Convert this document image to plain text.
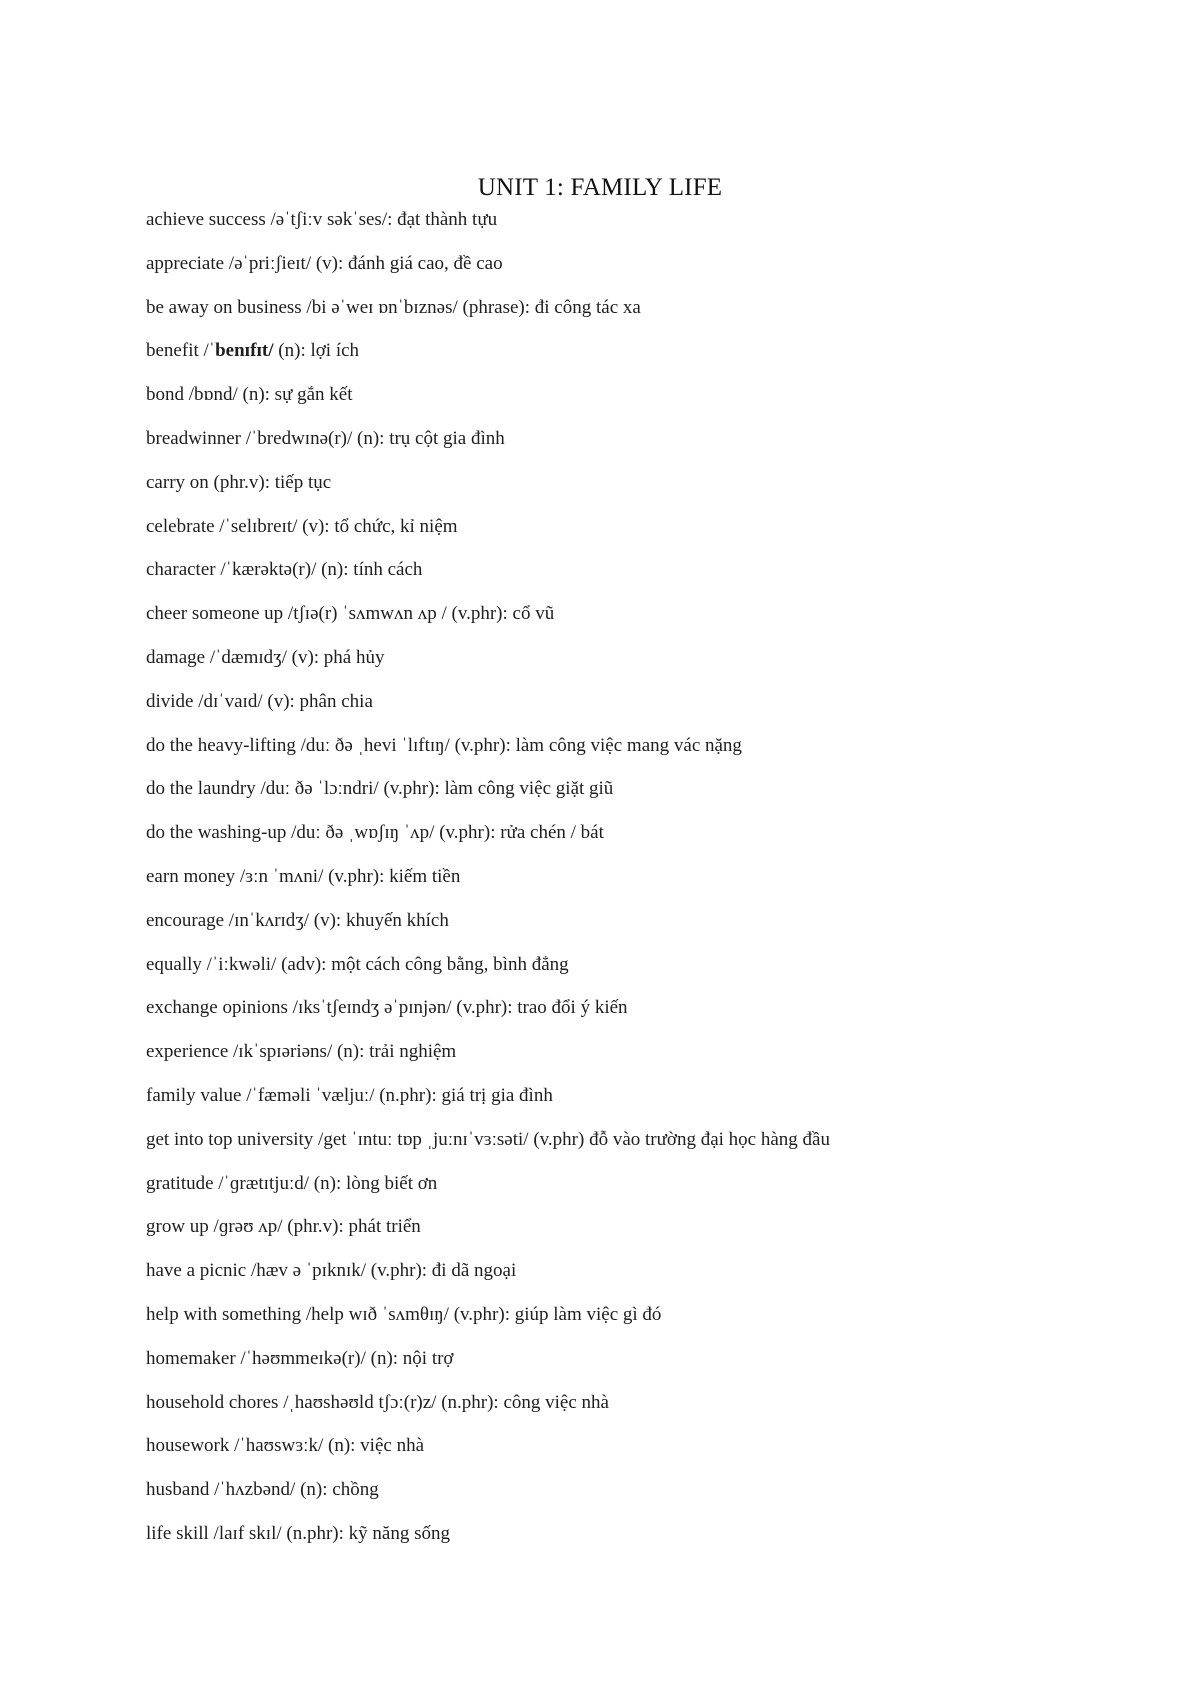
UNIT 1: FAMILY LIFE
achieve success /əˈtʃiːv səkˈses/: đạt thành tựu
appreciate /əˈpriːʃieɪt/ (v): đánh giá cao, đề cao
be away on business /bi əˈweɪ ɒnˈbɪznəs/ (phrase): đi công tác xa
benefit /ˈbenɪfɪt/ (n): lợi ích
bond /bɒnd/ (n): sự gắn kết
breadwinner /ˈbredwɪnə(r)/ (n): trụ cột gia đình
carry on (phr.v): tiếp tục
celebrate /ˈselɪbreɪt/ (v): tổ chức, kỉ niệm
character /ˈkærəktə(r)/ (n): tính cách
cheer someone up /tʃɪə(r) ˈsʌmwʌn ʌp / (v.phr): cổ vũ
damage /ˈdæmɪdʒ/ (v): phá hủy
divide /dɪˈvaɪd/ (v): phân chia
do the heavy-lifting /duː ðə ˌhevi ˈlɪftɪŋ/ (v.phr): làm công việc mang vác nặng
do the laundry /duː ðə ˈlɔːndri/ (v.phr): làm công việc giặt giũ
do the washing-up /duː ðə ˌwɒʃɪŋ ˈʌp/ (v.phr): rửa chén / bát
earn money /ɜːn ˈmʌni/ (v.phr): kiếm tiền
encourage /ɪnˈkʌrɪdʒ/ (v): khuyến khích
equally /ˈiːkwəli/ (adv): một cách công bằng, bình đẳng
exchange opinions /ɪksˈtʃeɪndʒ əˈpɪnjən/ (v.phr): trao đổi ý kiến
experience /ɪkˈspɪəriəns/ (n): trải nghiệm
family value /ˈfæməli ˈvæljuː/ (n.phr): giá trị gia đình
get into top university /get ˈɪntuː tɒp ˌjuːnɪˈvɜːsəti/ (v.phr) đỗ vào trường đại học hàng đầu
gratitude /ˈɡrætɪtjuːd/ (n): lòng biết ơn
grow up /ɡrəʊ ʌp/ (phr.v): phát triển
have a picnic /hæv ə ˈpɪknɪk/ (v.phr): đi dã ngoại
help with something /help wɪð ˈsʌmθɪŋ/ (v.phr): giúp làm việc gì đó
homemaker /ˈhəʊmmeɪkə(r)/ (n): nội trợ
household chores /ˌhaʊshəʊld tʃɔː(r)z/ (n.phr): công việc nhà
housework /ˈhaʊswɜːk/ (n): việc nhà
husband /ˈhʌzbənd/ (n): chồng
life skill /laɪf skɪl/ (n.phr): kỹ năng sống
